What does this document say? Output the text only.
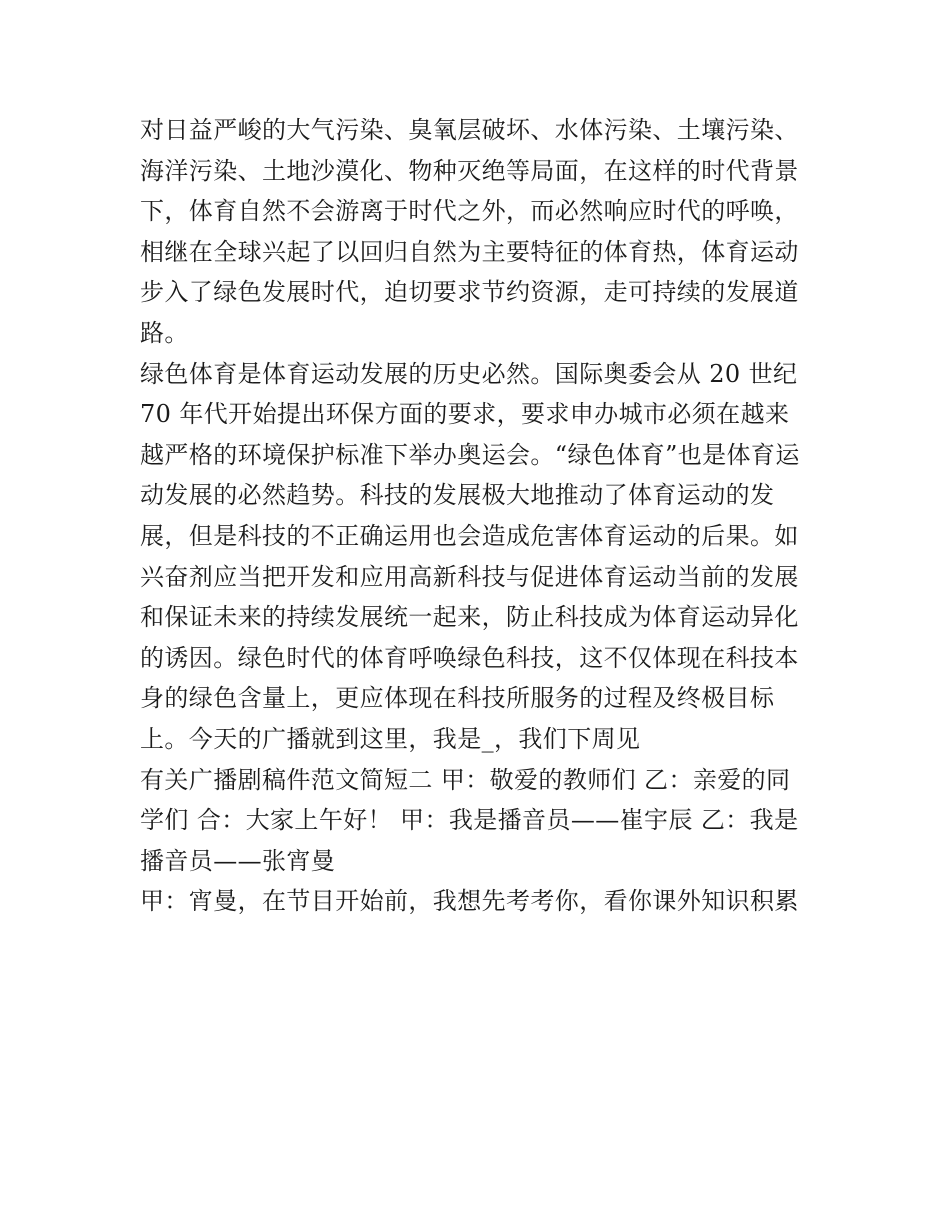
对日益严峻的大气污染、臭氧层破坏、水体污染、土壤污染、
海洋污染、土地沙漠化、物种灭绝等局面，在这样的时代背景
下，体育自然不会游离于时代之外，而必然响应时代的呼唤，
相继在全球兴起了以回归自然为主要特征的体育热，体育运动
步入了绿色发展时代，迫切要求节约资源，走可持续的发展道
路。
绿色体育是体育运动发展的历史必然。国际奥委会从 20 世纪
70 年代开始提出环保方面的要求，要求申办城市必须在越来
越严格的环境保护标准下举办奥运会。“绿色体育”也是体育运
动发展的必然趋势。科技的发展极大地推动了体育运动的发
展，但是科技的不正确运用也会造成危害体育运动的后果。如
兴奋剂应当把开发和应用高新科技与促进体育运动当前的发展
和保证未来的持续发展统一起来，防止科技成为体育运动异化
的诱因。绿色时代的体育呼唤绿色科技，这不仅体现在科技本
身的绿色含量上，更应体现在科技所服务的过程及终极目标
上。今天的广播就到这里，我是_，我们下周见
有关广播剧稿件范文简短二 甲：敬爱的教师们 乙：亲爱的同
学们 合：大家上午好！ 甲：我是播音员——崔宇辰 乙：我是
播音员——张宵曼
甲：宵曼，在节目开始前，我想先考考你，看你课外知识积累
